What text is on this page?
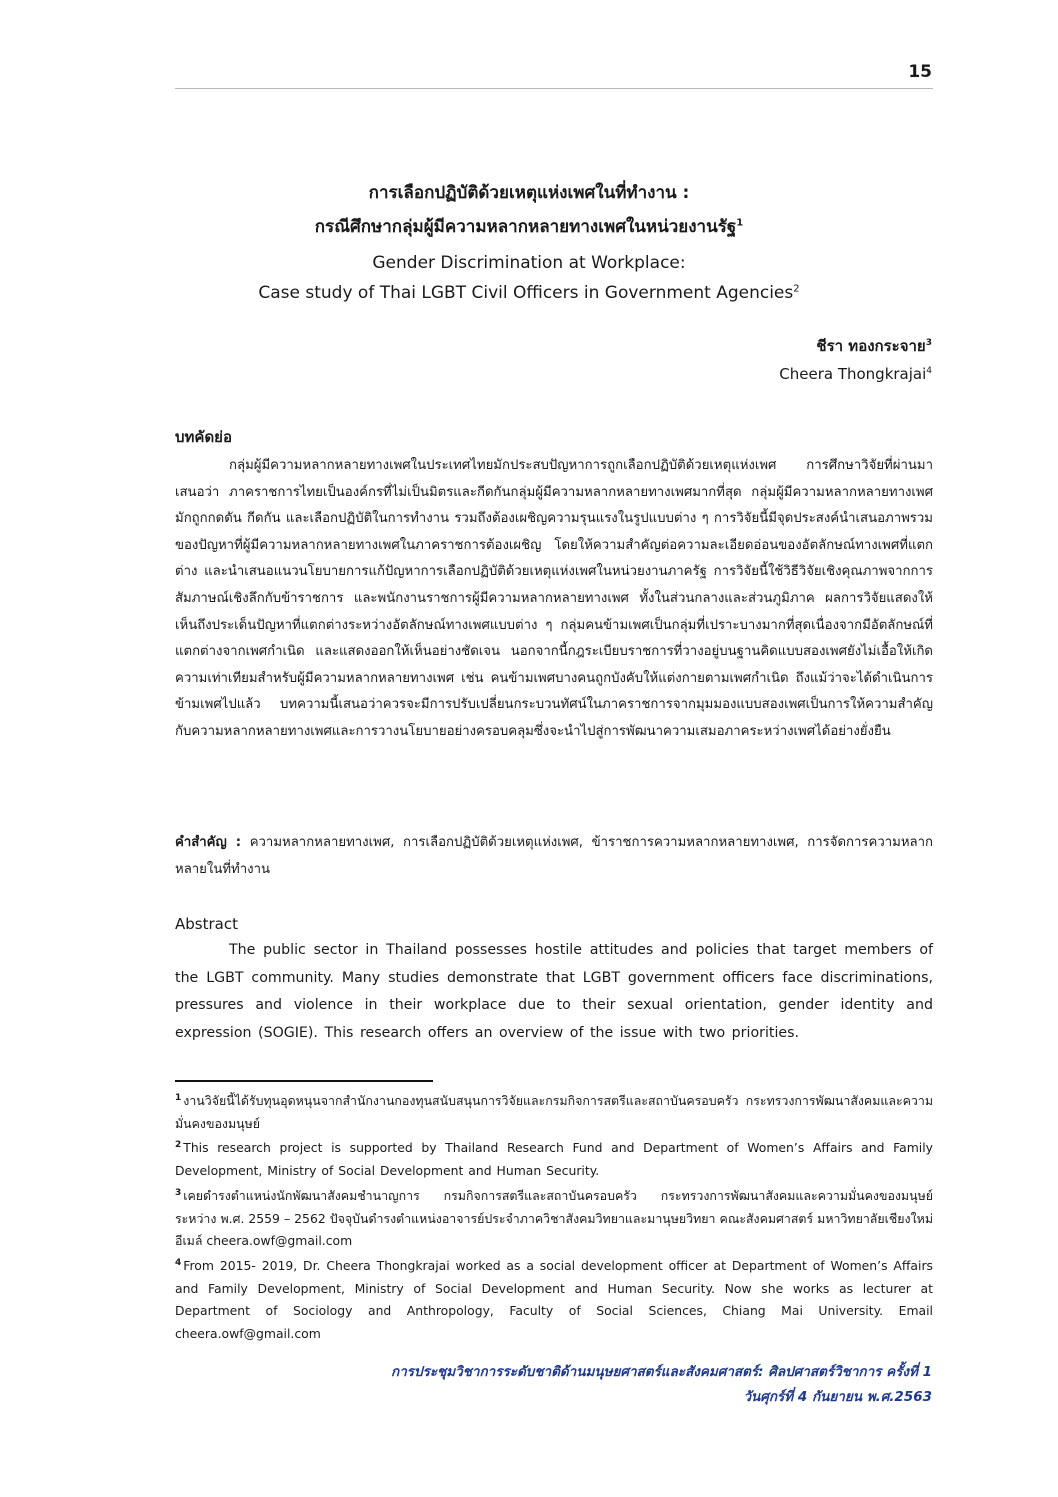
15
การเลือกปฏิบัติด้วยเหตุแห่งเพศในที่ทำงาน :
กรณีศึกษากลุ่มผู้มีความหลากหลายทางเพศในหน่วยงานรัฐ$^1$
Gender Discrimination at Workplace:
Case study of Thai LGBT Civil Officers in Government Agencies$^2$
ชีรา ทองกระจาย$^3$
Cheera Thongkrajai$^4$
บทคัดย่อ

กลุ่มผู้มีความหลากหลายทางเพศในประเทศไทยมักประสบปัญหาการถูกเลือกปฏิบัติด้วยเหตุแห่งเพศ การศึกษาวิจัยที่ผ่านมาเสนอว่า ภาคราชการไทยเป็นองค์กรที่ไม่เป็นมิตรและกีดกันกลุ่มผู้มีความหลากหลายทางเพศมากที่สุด กลุ่มผู้มีความหลากหลายทางเพศมักถูกกดดัน กีดกัน และเลือกปฏิบัติในการทำงาน รวมถึงต้องเผชิญความรุนแรงในรูปแบบต่าง ๆ การวิจัยนี้มีจุดประสงค์นำเสนอภาพรวมของปัญหาที่ผู้มีความหลากหลายทางเพศในภาคราชการต้องเผชิญ โดยให้ความสำคัญต่อความละเอียดอ่อนของอัตลักษณ์ทางเพศที่แตกต่าง และนำเสนอแนวนโยบายการแก้ปัญหาการเลือกปฏิบัติด้วยเหตุแห่งเพศในหน่วยงานภาครัฐ การวิจัยนี้ใช้วิธีวิจัยเชิงคุณภาพจากการสัมภาษณ์เชิงลึกกับข้าราชการ และพนักงานราชการผู้มีความหลากหลายทางเพศ ทั้งในส่วนกลางและส่วนภูมิภาค ผลการวิจัยแสดงให้เห็นถึงประเด็นปัญหาที่แตกต่างระหว่างอัตลักษณ์ทางเพศแบบต่าง ๆ กลุ่มคนข้ามเพศเป็นกลุ่มที่เปราะบางมากที่สุดเนื่องจากมีอัตลักษณ์ที่แตกต่างจากเพศกำเนิด และแสดงออกให้เห็นอย่างชัดเจน นอกจากนี้กฎระเบียบราชการที่วางอยู่บนฐานคิดแบบสองเพศยังไม่เอื้อให้เกิดความเท่าเทียมสำหรับผู้มีความหลากหลายทางเพศ เช่น คนข้ามเพศบางคนถูกบังคับให้แต่งกายตามเพศกำเนิด ถึงแม้ว่าจะได้ดำเนินการข้ามเพศไปแล้ว บทความนี้เสนอว่าควรจะมีการปรับเปลี่ยนกระบวนทัศน์ในภาคราชการจากมุมมองแบบสองเพศเป็นการให้ความสำคัญกับความหลากหลายทางเพศและการวางนโยบายอย่างครอบคลุมซึ่งจะนำไปสู่การพัฒนาความเสมอภาคระหว่างเพศได้อย่างยั่งยืน

คำสำคัญ : ความหลากหลายทางเพศ, การเลือกปฏิบัติด้วยเหตุแห่งเพศ, ข้าราชการความหลากหลายทางเพศ, การจัดการความหลากหลายในที่ทำงาน
Abstract

The public sector in Thailand possesses hostile attitudes and policies that target members of the LGBT community. Many studies demonstrate that LGBT government officers face discriminations, pressures and violence in their workplace due to their sexual orientation, gender identity and expression (SOGIE). This research offers an overview of the issue with two priorities.

$^1$ งานวิจัยนี้ได้รับทุนอุดหนุนจากสำนักงานกองทุนสนับสนุนการวิจัยและกรมกิจการสตรีและสถาบันครอบครัว กระทรวงการพัฒนาสังคมและความมั่นคงของมนุษย์

$^2$ This research project is supported by Thailand Research Fund and Department of Women’s Affairs and Family Development, Ministry of Social Development and Human Security.

$^3$ เคยดำรงตำแหน่งนักพัฒนาสังคมชำนาญการ กรมกิจการสตรีและสถาบันครอบครัว กระทรวงการพัฒนาสังคมและความมั่นคงของมนุษย์ ระหว่าง พ.ศ. 2559 – 2562 ปัจจุบันดำรงตำแหน่งอาจารย์ประจำภาควิชาสังคมวิทยาและมานุษยวิทยา คณะสังคมศาสตร์ มหาวิทยาลัยเชียงใหม่ อีเมล์ cheera.owf@gmail.com

$^4$ From 2015- 2019, Dr. Cheera Thongkrajai worked as a social development officer at Department of Women’s Affairs and Family Development, Ministry of Social Development and Human Security. Now she works as lecturer at Department of Sociology and Anthropology, Faculty of Social Sciences, Chiang Mai University. Email cheera.owf@gmail.com

การประชุมวิชาการระดับชาติด้านมนุษยศาสตร์และสังคมศาสตร์: ศิลปศาสตร์วิชาการ ครั้งที่ 1
วันศุกร์ที่ 4 กันยายน พ.ศ.2563
